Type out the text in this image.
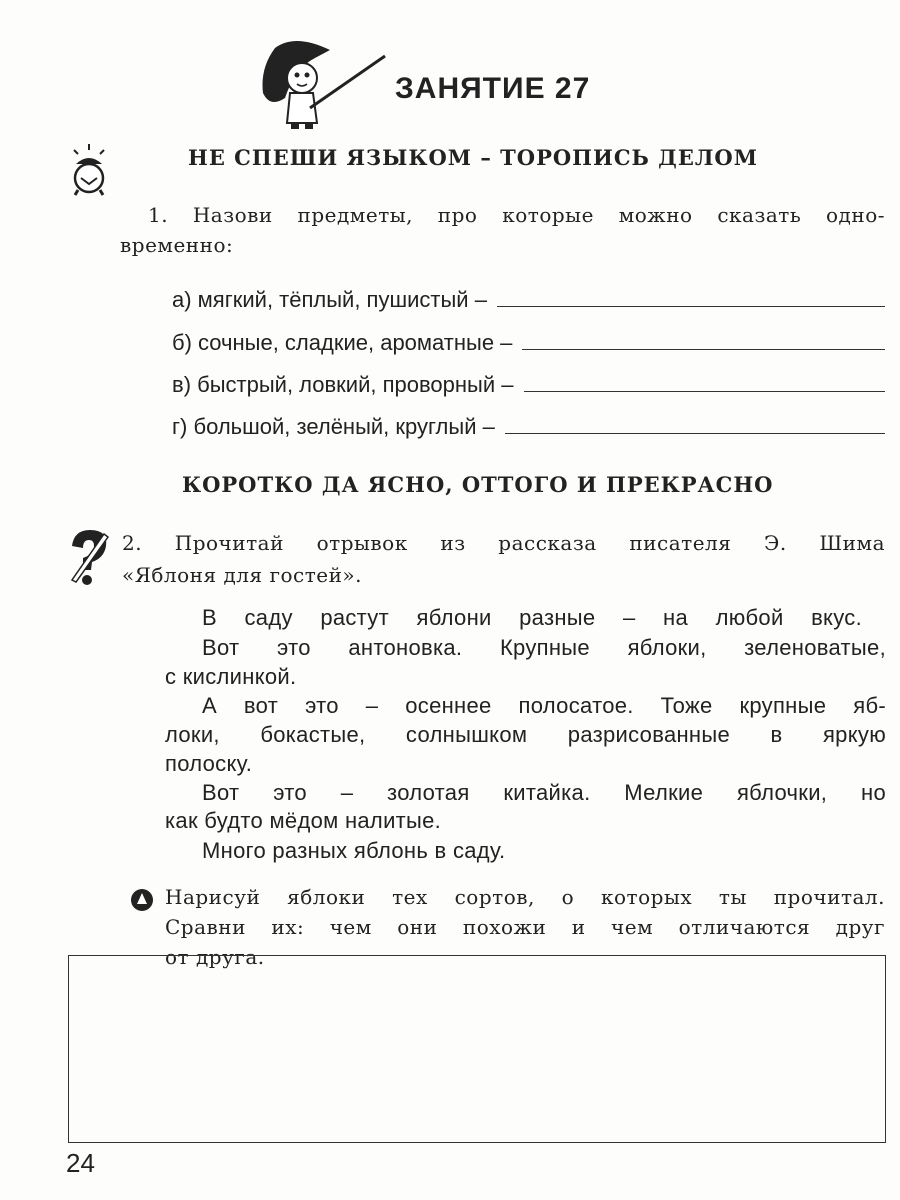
ЗАНЯТИЕ 27
НЕ СПЕШИ ЯЗЫКОМ – ТОРОПИСЬ ДЕЛОМ
1. Назови предметы, про которые можно сказать одно-
временно:
а) мягкий, тёплый, пушистый –
б) сочные, сладкие, ароматные –
в) быстрый, ловкий, проворный –
г) большой, зелёный, круглый –
КОРОТКО ДА ЯСНО, ОТТОГО И ПРЕКРАСНО
2. Прочитай отрывок из рассказа писателя Э. Шима
«Яблоня для гостей».
В саду растут яблони разные – на любой вкус.
Вот это антоновка. Крупные яблоки, зеленоватые,
с кислинкой.
А вот это – осеннее полосатое. Тоже крупные яб-
локи, бокастые, солнышком разрисованные в яркую
полоску.
Вот это – золотая китайка. Мелкие яблочки, но
как будто мёдом налитые.
Много разных яблонь в саду.
Нарисуй яблоки тех сортов, о которых ты прочитал.
Сравни их: чем они похожи и чем отличаются друг
от друга.
24
